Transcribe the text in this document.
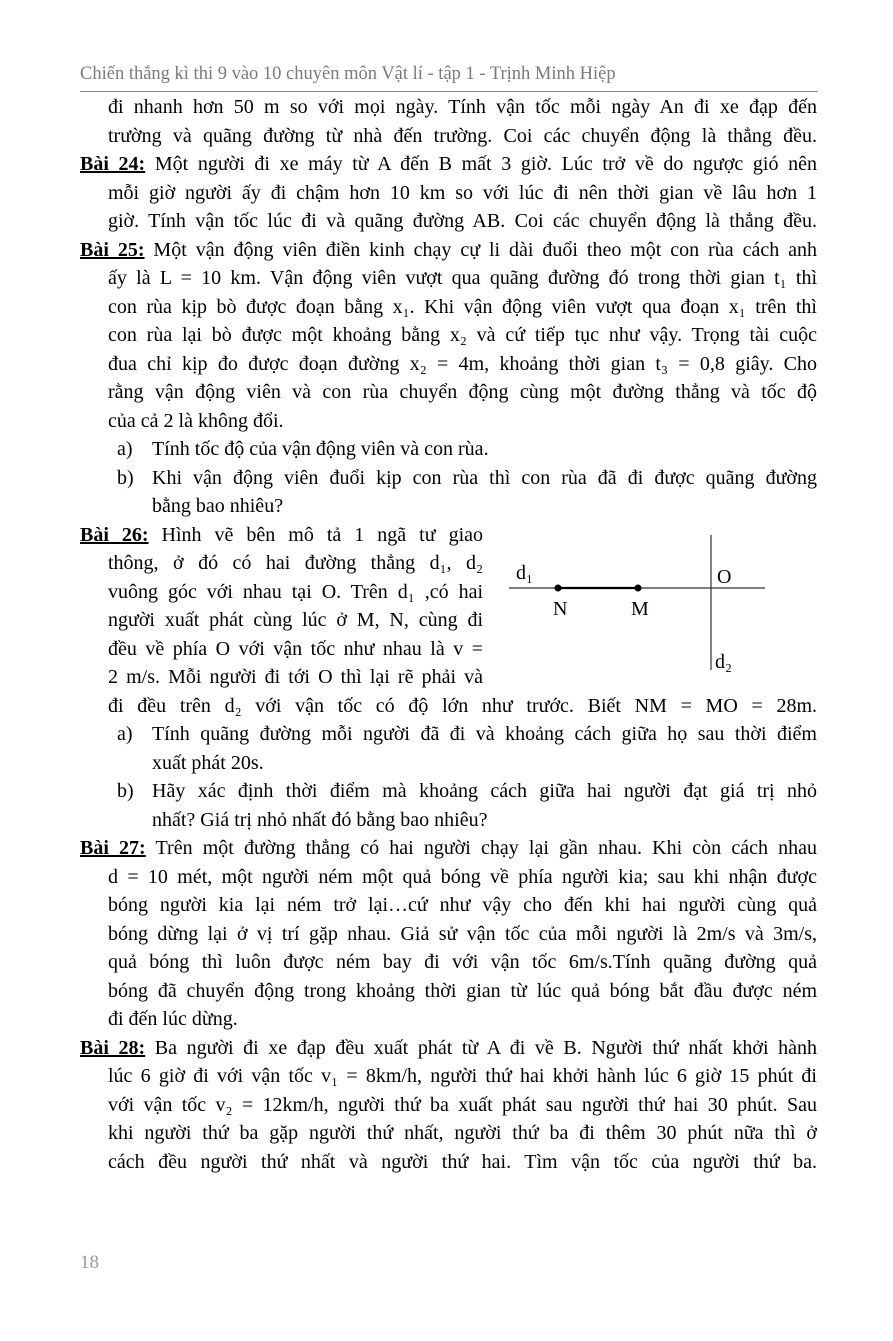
Chiến thắng kì thi 9 vào 10 chuyên môn Vật lí - tập 1 - Trịnh Minh Hiệp
đi nhanh hơn 50 m so với mọi ngày. Tính vận tốc mỗi ngày An đi xe đạp đến
trường và quãng đường từ nhà đến trường. Coi các chuyển động là thẳng đều.
Bài 24: Một người đi xe máy từ A đến B mất 3 giờ. Lúc trở về do ngược gió nên
mỗi giờ người ấy đi chậm hơn 10 km so với lúc đi nên thời gian về lâu hơn 1
giờ. Tính vận tốc lúc đi và quãng đường AB. Coi các chuyển động là thẳng đều.
Bài 25: Một vận động viên điền kinh chạy cự li dài đuổi theo một con rùa cách anh
ấy là L = 10 km. Vận động viên vượt qua quãng đường đó trong thời gian t₁ thì
con rùa kịp bò được đoạn bằng x₁. Khi vận động viên vượt qua đoạn x₁ trên thì
con rùa lại bò được một khoảng bằng x₂ và cứ tiếp tục như vậy. Trọng tài cuộc
đua chỉ kịp đo được đoạn đường x₂ = 4m, khoảng thời gian t₃ = 0,8 giây. Cho
rằng vận động viên và con rùa chuyển động cùng một đường thẳng và tốc độ
của cả 2 là không đổi.
a) Tính tốc độ của vận động viên và con rùa.
b) Khi vận động viên đuổi kịp con rùa thì con rùa đã đi được quãng đường
bằng bao nhiêu?
Bài 26: Hình vẽ bên mô tả 1 ngã tư giao
thông, ở đó có hai đường thẳng d₁, d₂
vuông góc với nhau tại O. Trên d₁ ,có hai
người xuất phát cùng lúc ở M, N, cùng đi
đều về phía O với vận tốc như nhau là v =
2 m/s. Mỗi người đi tới O thì lại rẽ phải và
đi đều trên d₂ với vận tốc có độ lớn như trước. Biết NM = MO = 28m.
a) Tính quãng đường mỗi người đã đi và khoảng cách giữa họ sau thời điểm
xuất phát 20s.
b) Hãy xác định thời điểm mà khoảng cách giữa hai người đạt giá trị nhỏ
nhất? Giá trị nhỏ nhất đó bằng bao nhiêu?
Bài 27: Trên một đường thẳng có hai người chạy lại gần nhau. Khi còn cách nhau
d = 10 mét, một người ném một quả bóng về phía người kia; sau khi nhận được
bóng người kia lại ném trở lại…cứ như vậy cho đến khi hai người cùng quả
bóng dừng lại ở vị trí gặp nhau. Giả sử vận tốc của mỗi người là 2m/s và 3m/s,
quả bóng thì luôn được ném bay đi với vận tốc 6m/s.Tính quãng đường quả
bóng đã chuyển động trong khoảng thời gian từ lúc quả bóng bắt đầu được ném
đi đến lúc dừng.
Bài 28: Ba người đi xe đạp đều xuất phát từ A đi về B. Người thứ nhất khởi hành
lúc 6 giờ đi với vận tốc v₁ = 8km/h, người thứ hai khởi hành lúc 6 giờ 15 phút đi
với vận tốc v₂ = 12km/h, người thứ ba xuất phát sau người thứ hai 30 phút. Sau
khi người thứ ba gặp người thứ nhất, người thứ ba đi thêm 30 phút nữa thì ở
cách đều người thứ nhất và người thứ hai. Tìm vận tốc của người thứ ba.
d₁	O
N	M
d₂
18
